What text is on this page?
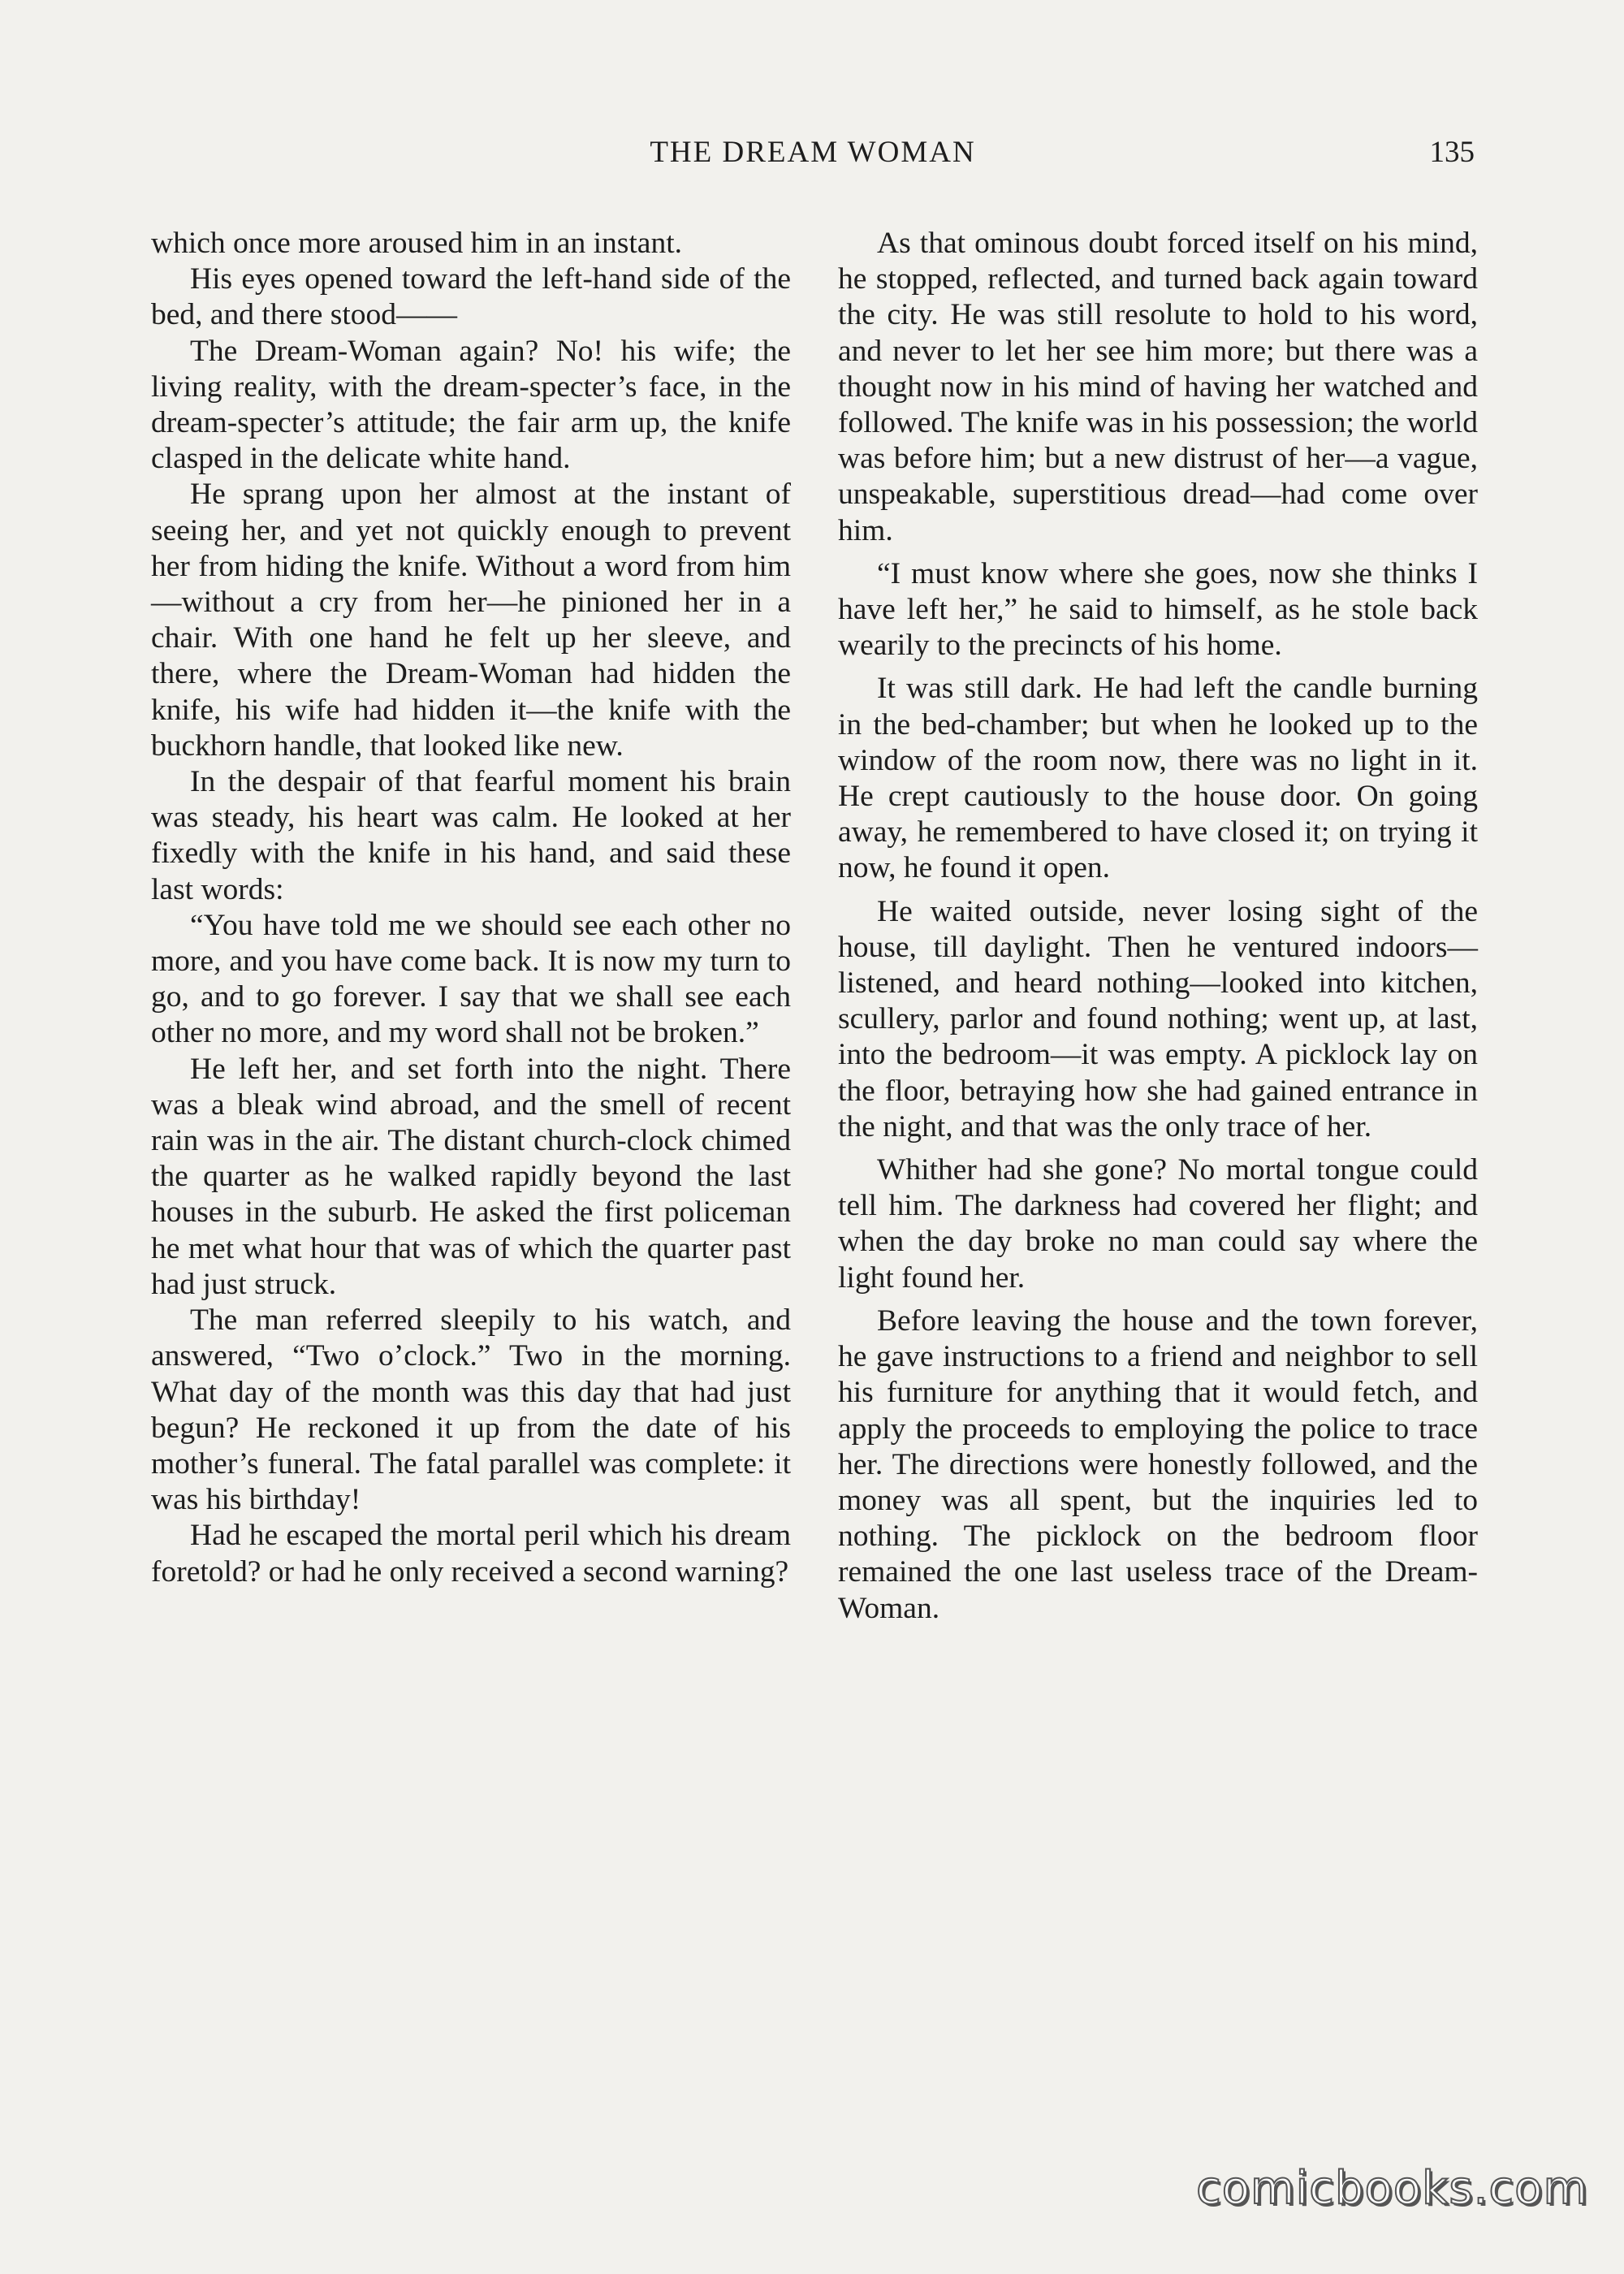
THE DREAM WOMAN	135

which once more aroused him in an instant.

His eyes opened toward the left-hand side of the bed, and there stood——

The Dream-Woman again? No! his wife; the living reality, with the dream-specter’s face, in the dream-specter’s attitude; the fair arm up, the knife clasped in the delicate white hand.

He sprang upon her almost at the instant of seeing her, and yet not quickly enough to prevent her from hiding the knife. Without a word from him—without a cry from her—he pinioned her in a chair. With one hand he felt up her sleeve, and there, where the Dream-Woman had hidden the knife, his wife had hidden it—the knife with the buckhorn handle, that looked like new.

In the despair of that fearful moment his brain was steady, his heart was calm. He looked at her fixedly with the knife in his hand, and said these last words:

“You have told me we should see each other no more, and you have come back. It is now my turn to go, and to go forever. I say that we shall see each other no more, and my word shall not be broken.”

He left her, and set forth into the night. There was a bleak wind abroad, and the smell of recent rain was in the air. The distant church-clock chimed the quarter as he walked rapidly beyond the last houses in the suburb. He asked the first policeman he met what hour that was of which the quarter past had just struck.

The man referred sleepily to his watch, and answered, “Two o’clock.” Two in the morning. What day of the month was this day that had just begun? He reckoned it up from the date of his mother’s funeral. The fatal parallel was complete: it was his birthday!

Had he escaped the mortal peril which his dream foretold? or had he only received a second warning?

As that ominous doubt forced itself on his mind, he stopped, reflected, and turned back again toward the city. He was still resolute to hold to his word, and never to let her see him more; but there was a thought now in his mind of having her watched and followed. The knife was in his possession; the world was before him; but a new distrust of her—a vague, unspeakable, superstitious dread—had come over him.

“I must know where she goes, now she thinks I have left her,” he said to himself, as he stole back wearily to the precincts of his home.

It was still dark. He had left the candle burning in the bed-chamber; but when he looked up to the window of the room now, there was no light in it. He crept cautiously to the house door. On going away, he remembered to have closed it; on trying it now, he found it open.

He waited outside, never losing sight of the house, till daylight. Then he ventured indoors—listened, and heard nothing—looked into kitchen, scullery, parlor and found nothing; went up, at last, into the bedroom—it was empty. A picklock lay on the floor, betraying how she had gained entrance in the night, and that was the only trace of her.

Whither had she gone? No mortal tongue could tell him. The darkness had covered her flight; and when the day broke no man could say where the light found her.

Before leaving the house and the town forever, he gave instructions to a friend and neighbor to sell his furniture for anything that it would fetch, and apply the proceeds to employing the police to trace her. The directions were honestly followed, and the money was all spent, but the inquiries led to nothing. The picklock on the bedroom floor remained the one last useless trace of the Dream-Woman.

comicbooks.com
